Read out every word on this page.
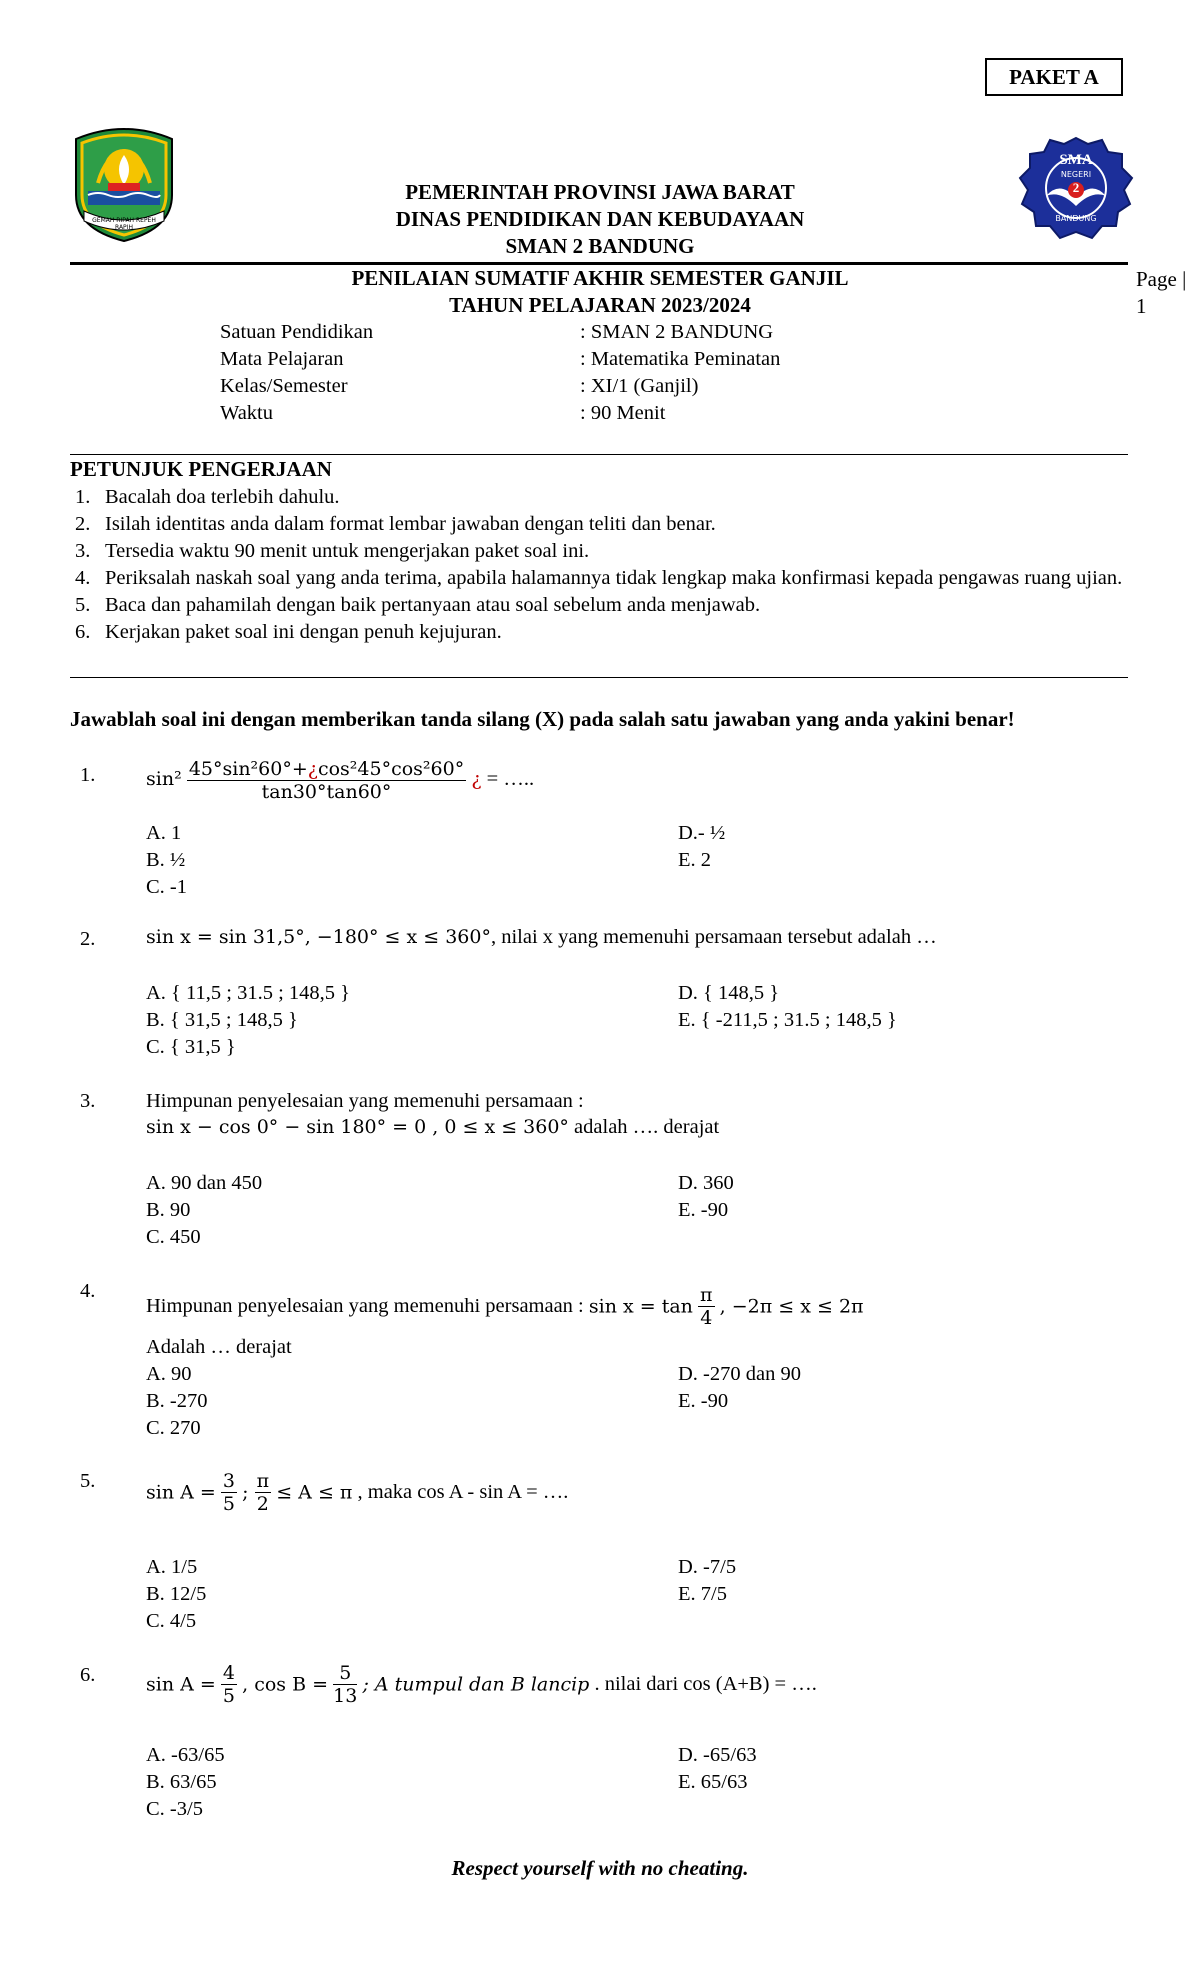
PAKET A
GEMAH RIPAH REPEH RAPIH
SMA
NEGERI
2
BANDUNG
PEMERINTAH PROVINSI JAWA BARAT
DINAS PENDIDIKAN DAN KEBUDAYAAN
SMAN 2 BANDUNG
PENILAIAN SUMATIF AKHIR SEMESTER GANJIL
TAHUN PELAJARAN 2023/2024
Page |
1
Satuan Pendidikan	: SMAN 2 BANDUNG
Mata Pelajaran	: Matematika Peminatan
Kelas/Semester	: XI/1 (Ganjil)
Waktu	: 90 Menit
PETUNJUK PENGERJAAN
1. Bacalah doa terlebih dahulu.
2. Isilah identitas anda dalam format lembar jawaban dengan teliti dan benar.
3. Tersedia waktu 90 menit untuk mengerjakan paket soal ini.
4. Periksalah naskah soal yang anda terima, apabila halamannya tidak lengkap maka konfirmasi kepada pengawas ruang ujian.
5. Baca dan pahamilah dengan baik pertanyaan atau soal sebelum anda menjawab.
6. Kerjakan paket soal ini dengan penuh kejujuran.
Jawablah soal ini dengan memberikan tanda silang (X) pada salah satu jawaban yang anda yakini benar!
1.	$\sin^2 \frac{\text{45°sin²60°+¿cos²45°cos²60°}}{\tan 30^\circ\tan 60^\circ}$ ¿ = …..
A. 1
B. ½
C. -1
D.- ½
E. 2
2.	sin x = sin 31,5°, −180° ≤ x ≤ 360°, nilai x yang memenuhi persamaan tersebut adalah …
A. { 11,5 ; 31.5 ; 148,5 }
B. { 31,5 ; 148,5 }
C. { 31,5 }
D. { 148,5 }
E. { -211,5 ; 31.5 ; 148,5 }
3. Himpunan penyelesaian yang memenuhi persamaan :
sin x − cos 0° − sin 180° = 0 , 0 ≤ x ≤ 360° adalah …. derajat
A. 90 dan 450
B. 90
C. 450
D. 360
E. -90
4.
Himpunan penyelesaian yang memenuhi persamaan : $\sin x = \tan \frac{\pi}{4}$ , −2π ≤ x ≤ 2π
Adalah … derajat
A. 90
B. -270
C. 270
D. -270 dan 90
E. -90
5.
$\sin A = \frac{3}{5}$ ; $\frac{\pi}{2} \le A \le \pi$ , maka cos A - sin A = ….
A. 1/5
B. 12/5
C. 4/5
D. -7/5
E. 7/5
6.	$\sin A = \frac{4}{5}$ , $\cos B = \frac{5}{13}$ ; A tumpul dan B lancip . nilai dari cos (A+B) = ….
A. -63/65
B. 63/65
C. -3/5
D. -65/63
E. 65/63
Respect yourself with no cheating.
